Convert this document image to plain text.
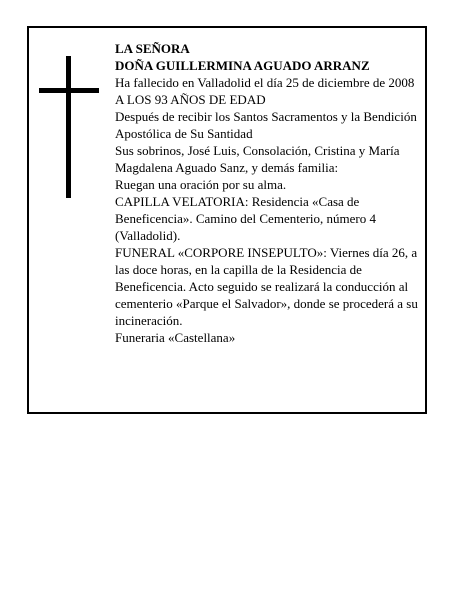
LA SEÑORA

DOÑA GUILLERMINA AGUADO ARRANZ

Ha fallecido en Valladolid el día 25 de diciembre de 2008

A LOS 93 AÑOS DE EDAD

Después de recibir los Santos Sacramentos y la Bendición Apostólica de Su Santidad

Sus sobrinos, José Luis, Consolación, Cristina y María Magdalena Aguado Sanz, y demás familia:

Ruegan una oración por su alma.

CAPILLA VELATORIA: Residencia «Casa de Beneficencia». Camino del Cementerio, número 4 (Valladolid).

FUNERAL «CORPORE INSEPULTO»: Viernes día 26, a las doce horas, en la capilla de la Residencia de Beneficencia. Acto seguido se realizará la conducción al cementerio «Parque el Salvador», donde se procederá a su incineración.

Funeraria «Castellana»
